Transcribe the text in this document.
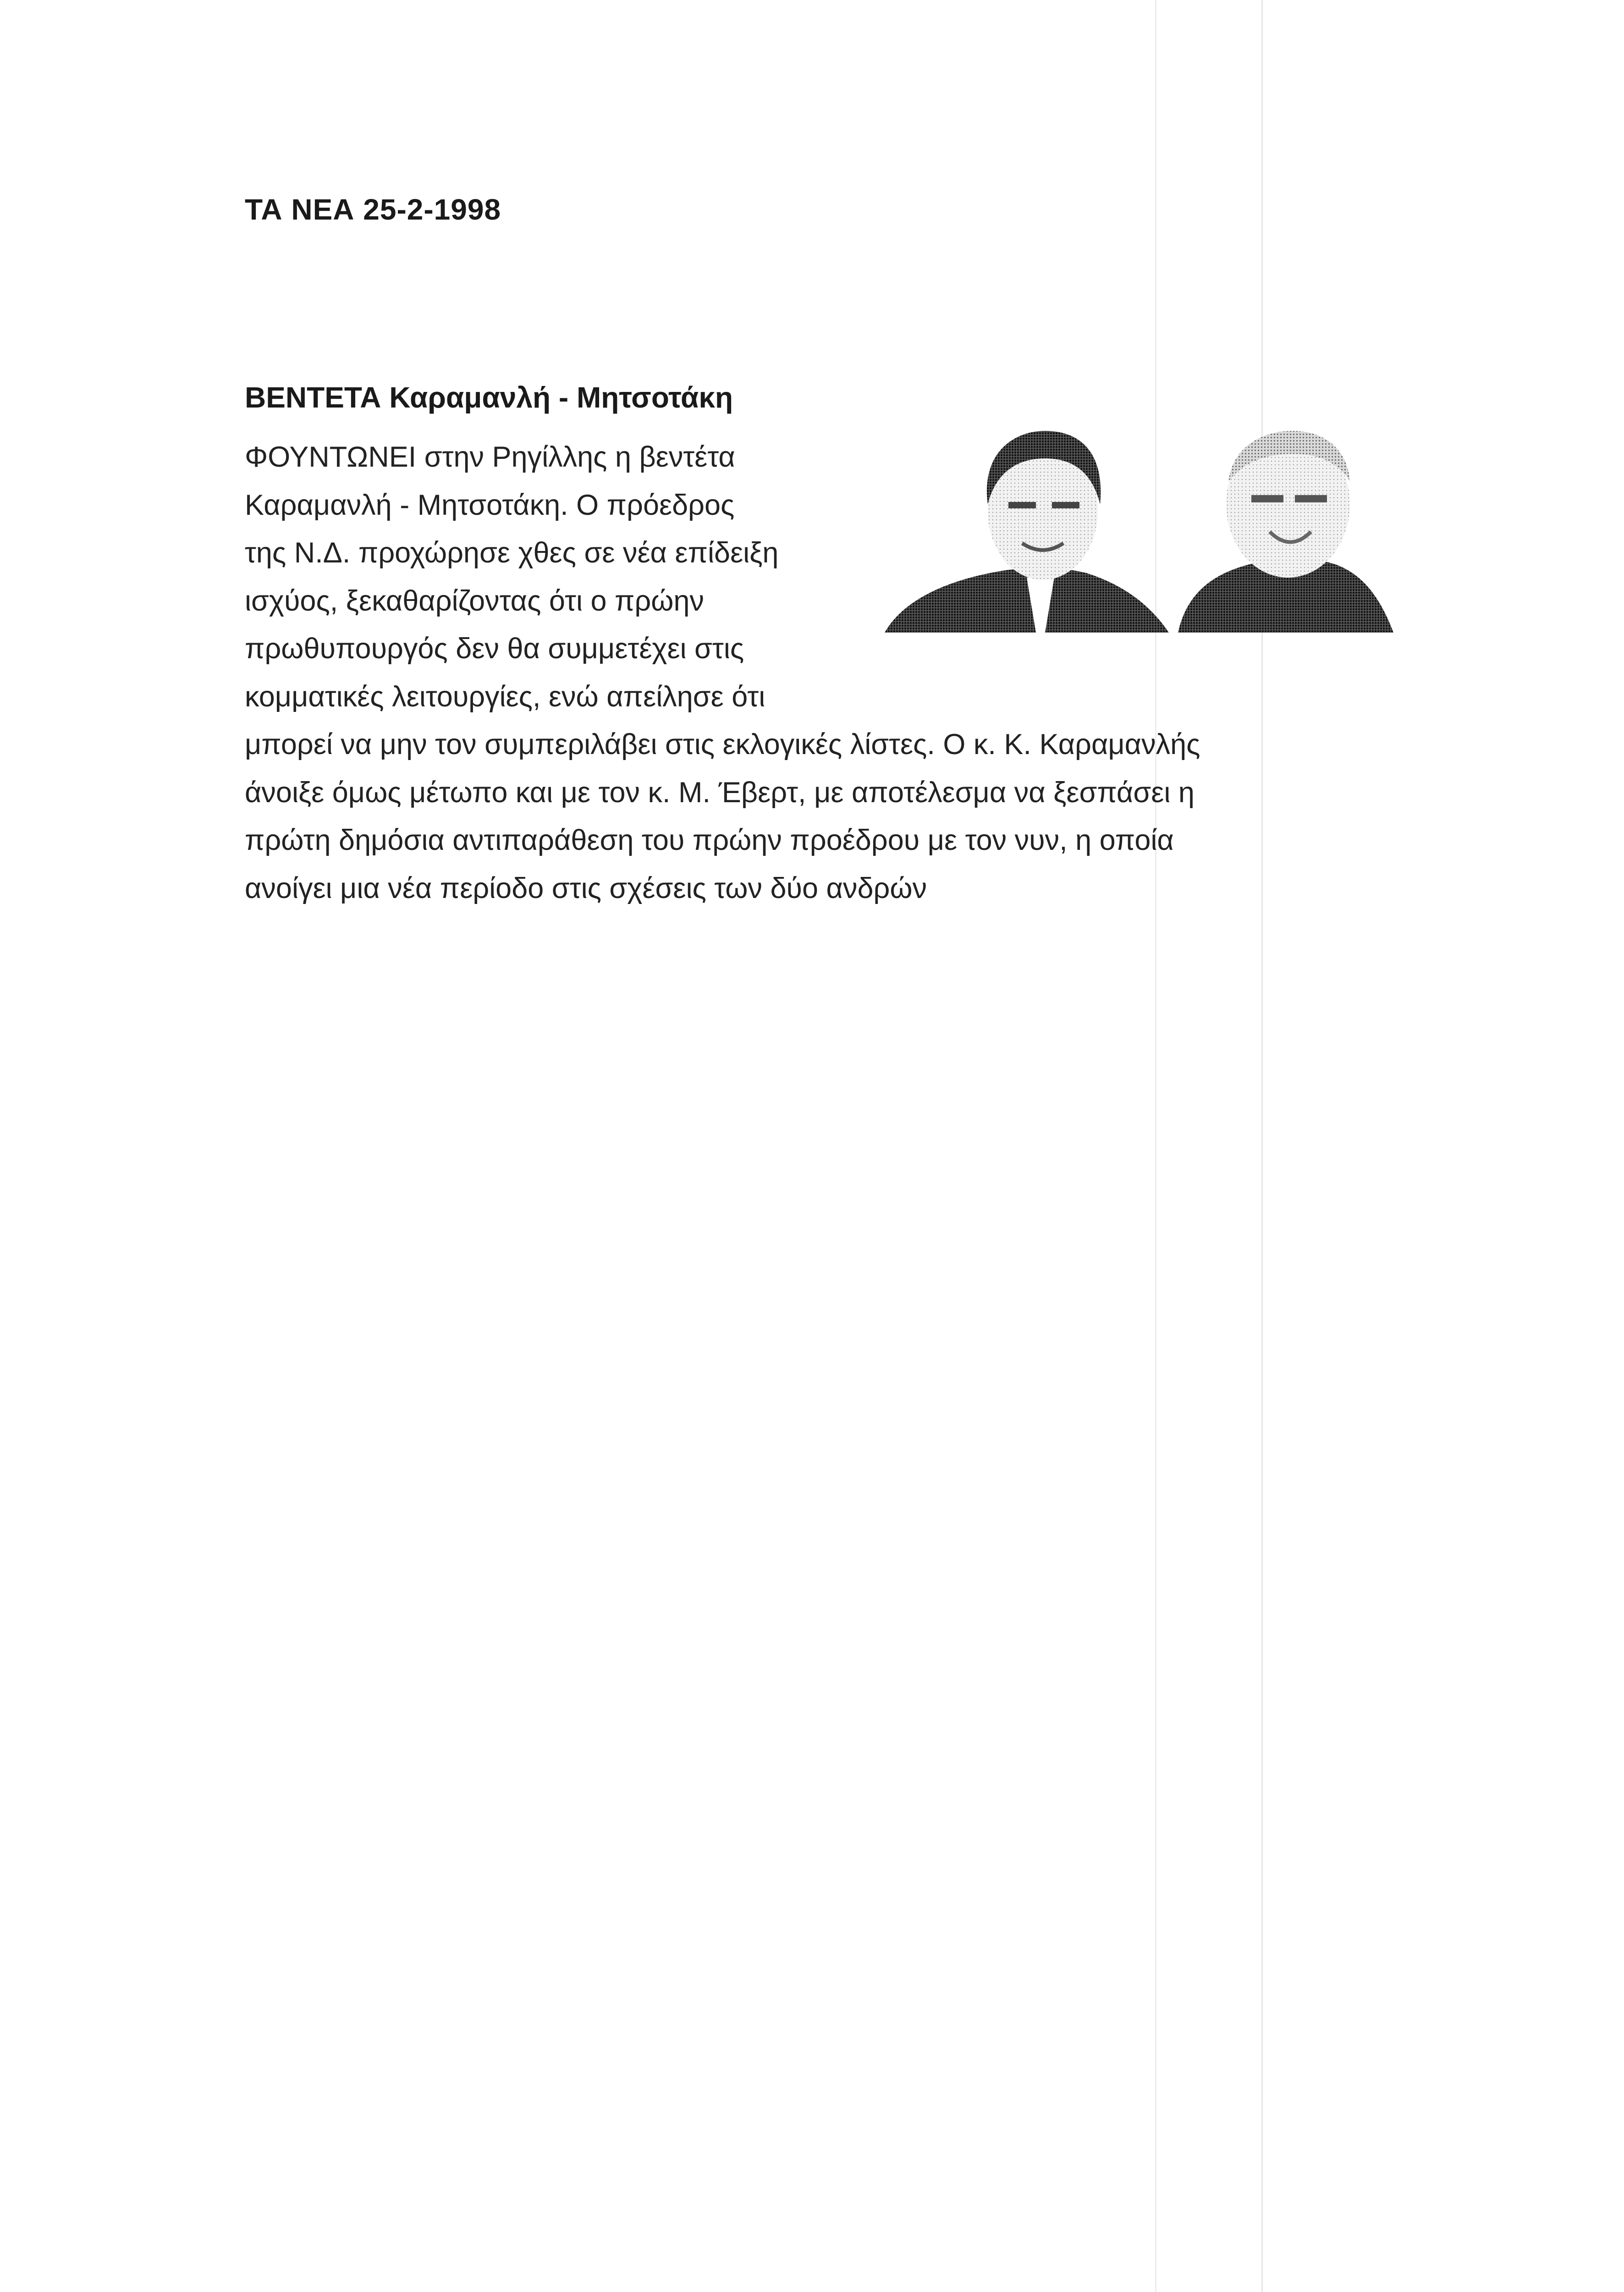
ΤΑ ΝΕΑ 25-2-1998
ΒΕΝΤΕΤΑ Καραμανλή - Μητσοτάκη
ΦΟΥΝΤΩΝΕΙ στην Ρηγίλλης η βεντέτα
Καραμανλή - Μητσοτάκη. Ο πρόεδρος
της Ν.Δ. προχώρησε χθες σε νέα επίδειξη
ισχύος, ξεκαθαρίζοντας ότι ο πρώην
πρωθυπουργός δεν θα συμμετέχει στις
κομματικές λειτουργίες, ενώ απείλησε ότι
μπορεί να μην τον συμπεριλάβει στις εκλογικές λίστες. Ο κ. Κ. Καραμανλής
άνοιξε όμως μέτωπο και με τον κ. Μ. Έβερτ, με αποτέλεσμα να ξεσπάσει η
πρώτη δημόσια αντιπαράθεση του πρώην προέδρου με τον νυν, η οποία
ανοίγει μια νέα περίοδο στις σχέσεις των δύο ανδρών
